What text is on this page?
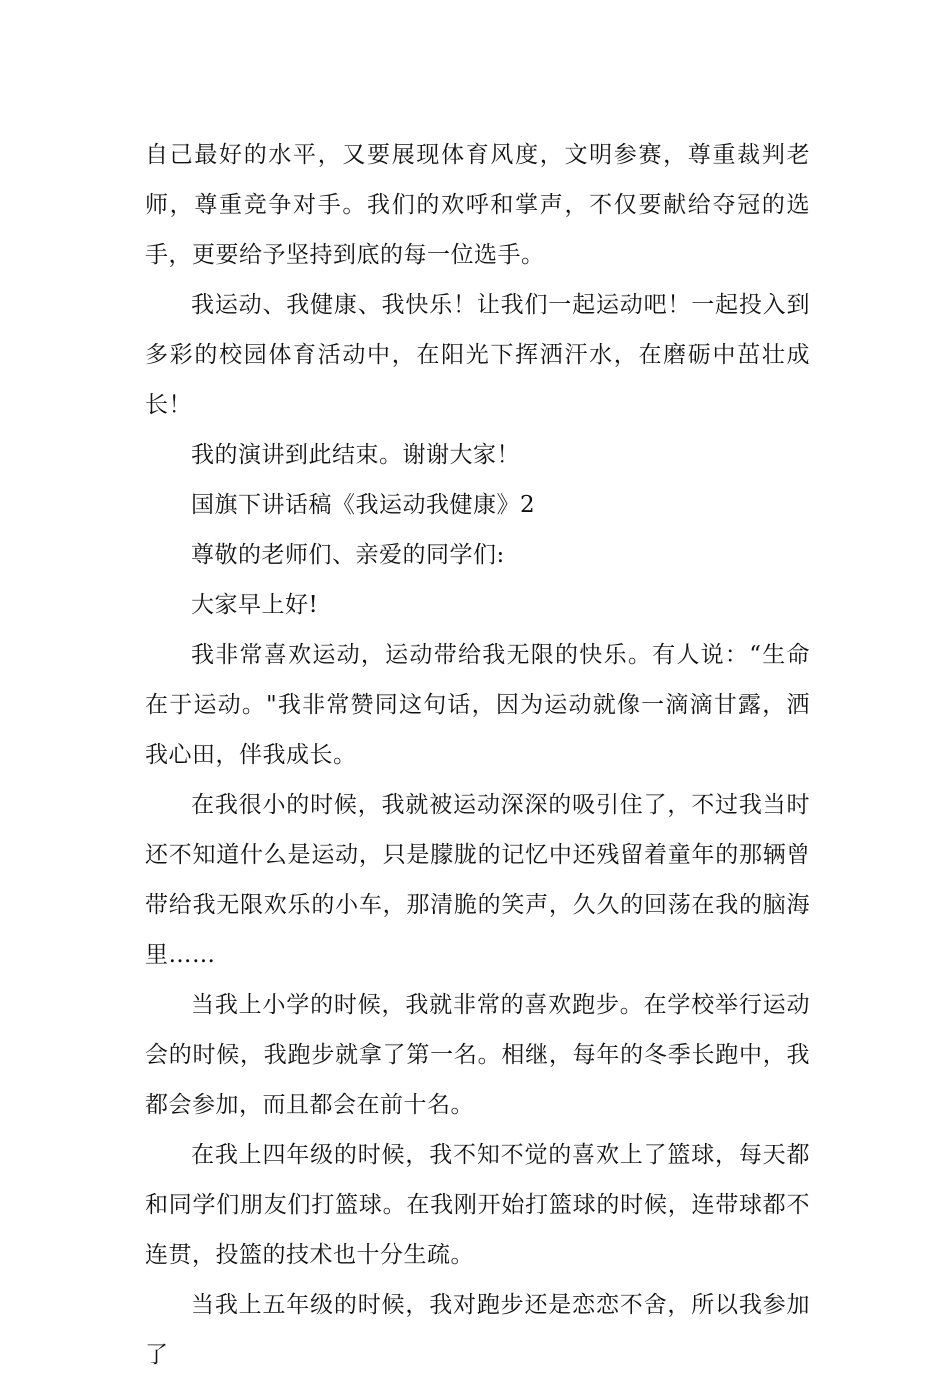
自己最好的水平，又要展现体育风度，文明参赛，尊重裁判老师，尊重竞争对手。我们的欢呼和掌声，不仅要献给夺冠的选手，更要给予坚持到底的每一位选手。

我运动、我健康、我快乐！让我们一起运动吧！一起投入到多彩的校园体育活动中，在阳光下挥洒汗水，在磨砺中茁壮成长！

我的演讲到此结束。谢谢大家！

国旗下讲话稿《我运动我健康》2

尊敬的老师们、亲爱的同学们:

大家早上好!

我非常喜欢运动，运动带给我无限的快乐。有人说：“生命在于运动。"我非常赞同这句话，因为运动就像一滴滴甘露，洒我心田，伴我成长。

在我很小的时候，我就被运动深深的吸引住了，不过我当时还不知道什么是运动，只是朦胧的记忆中还残留着童年的那辆曾带给我无限欢乐的小车，那清脆的笑声，久久的回荡在我的脑海里……

当我上小学的时候，我就非常的喜欢跑步。在学校举行运动会的时候，我跑步就拿了第一名。相继，每年的冬季长跑中，我都会参加，而且都会在前十名。

在我上四年级的时候，我不知不觉的喜欢上了篮球，每天都和同学们朋友们打篮球。在我刚开始打篮球的时候，连带球都不连贯，投篮的技术也十分生疏。

当我上五年级的时候，我对跑步还是恋恋不舍，所以我参加了
